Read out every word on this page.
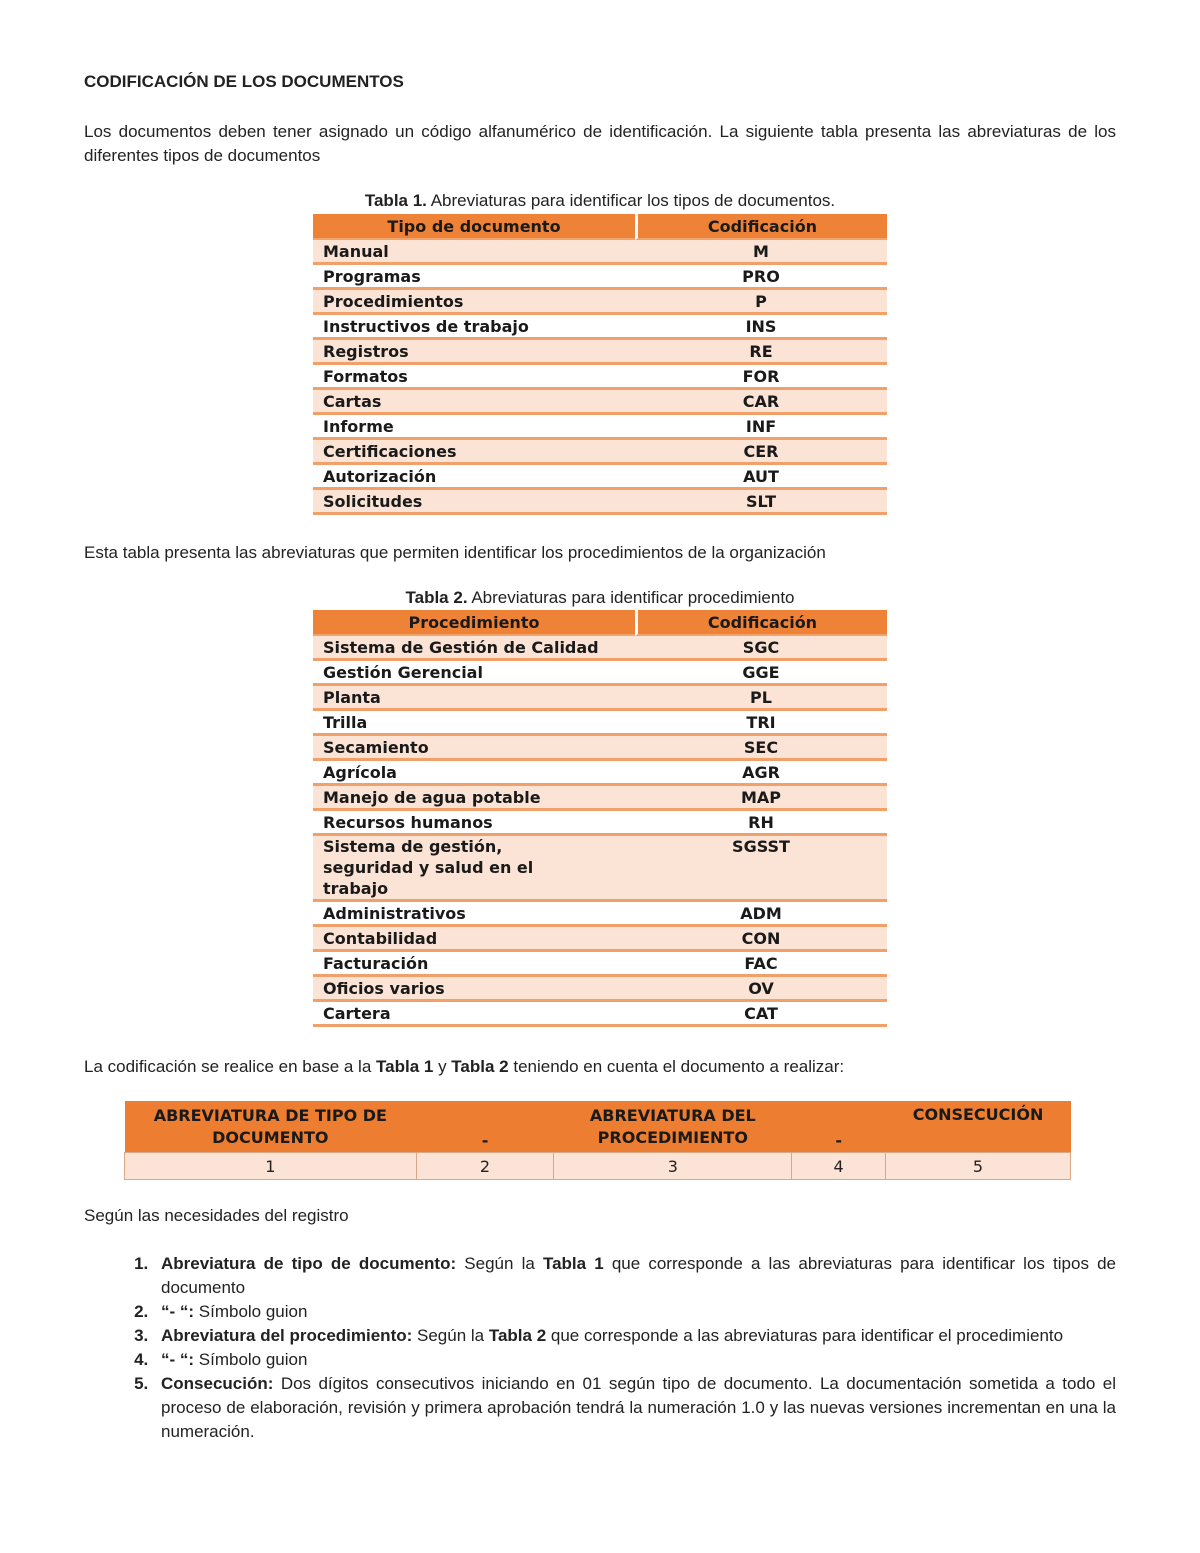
CODIFICACIÓN DE LOS DOCUMENTOS

Los documentos deben tener asignado un código alfanumérico de identificación. La siguiente tabla presenta las abreviaturas de los diferentes tipos de documentos

Tabla 1. Abreviaturas para identificar los tipos de documentos.
Tipo de documento	Codificación
Manual	M
Programas	PRO
Procedimientos	P
Instructivos de trabajo	INS
Registros	RE
Formatos	FOR
Cartas	CAR
Informe	INF
Certificaciones	CER
Autorización	AUT
Solicitudes	SLT

Esta tabla presenta las abreviaturas que permiten identificar los procedimientos de la organización

Tabla 2. Abreviaturas para identificar procedimiento
Procedimiento	Codificación
Sistema de Gestión de Calidad	SGC
Gestión Gerencial	GGE
Planta	PL
Trilla	TRI
Secamiento	SEC
Agrícola	AGR
Manejo de agua potable	MAP
Recursos humanos	RH
Sistema de gestión, seguridad y salud en el trabajo	SGSST
Administrativos	ADM
Contabilidad	CON
Facturación	FAC
Oficios varios	OV
Cartera	CAT

La codificación se realice en base a la Tabla 1 y Tabla 2 teniendo en cuenta el documento a realizar:

ABREVIATURA DE TIPO DE DOCUMENTO	-	ABREVIATURA DEL PROCEDIMIENTO	-	CONSECUCIÓN
1	2	3	4	5

Según las necesidades del registro

1. Abreviatura de tipo de documento: Según la Tabla 1 que corresponde a las abreviaturas para identificar los tipos de documento
2. “- “: Símbolo guion
3. Abreviatura del procedimiento: Según la Tabla 2 que corresponde a las abreviaturas para identificar el procedimiento
4. “- “: Símbolo guion
5. Consecución: Dos dígitos consecutivos iniciando en 01 según tipo de documento. La documentación sometida a todo el proceso de elaboración, revisión y primera aprobación tendrá la numeración 1.0 y las nuevas versiones incrementan en una la numeración.
